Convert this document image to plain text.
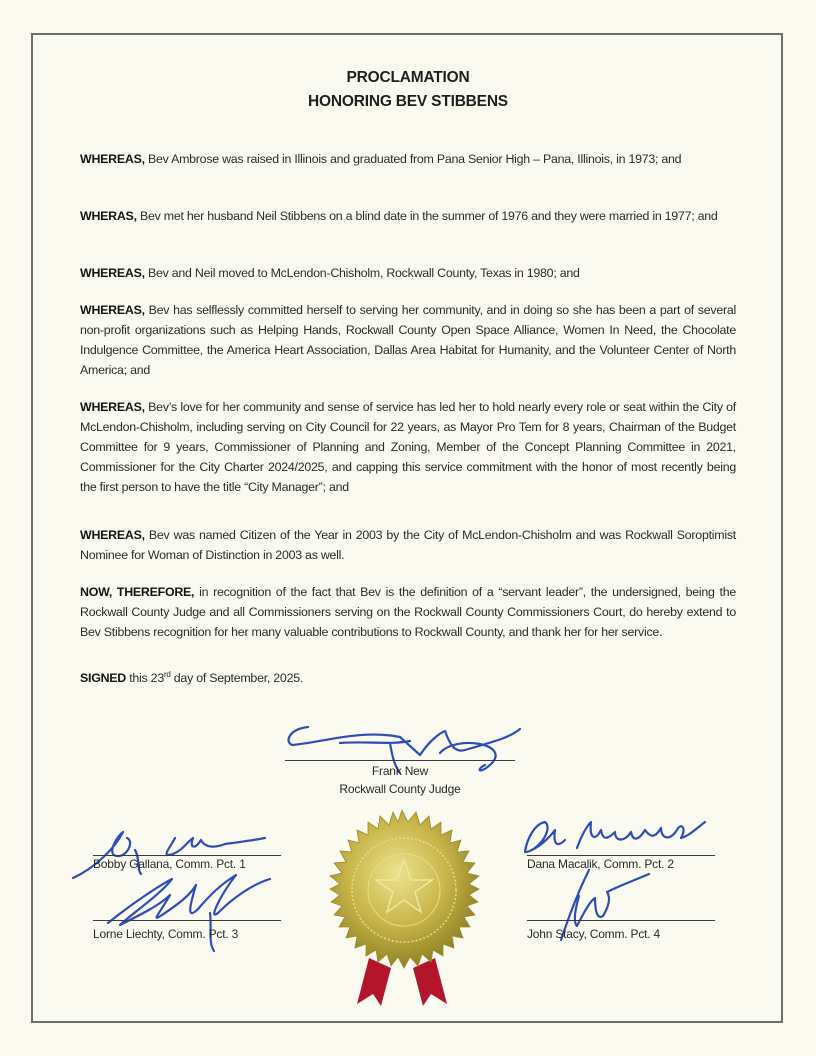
PROCLAMATION
HONORING BEV STIBBENS
WHEREAS, Bev Ambrose was raised in Illinois and graduated from Pana Senior High – Pana, Illinois, in 1973; and
WHERAS, Bev met her husband Neil Stibbens on a blind date in the summer of 1976 and they were married in 1977; and
WHEREAS, Bev and Neil moved to McLendon-Chisholm, Rockwall County, Texas in 1980; and
WHEREAS, Bev has selflessly committed herself to serving her community, and in doing so she has been a part of several non-profit organizations such as Helping Hands, Rockwall County Open Space Alliance, Women In Need, the Chocolate Indulgence Committee, the America Heart Association, Dallas Area Habitat for Humanity, and the Volunteer Center of North America; and
WHEREAS, Bev’s love for her community and sense of service has led her to hold nearly every role or seat within the City of McLendon-Chisholm, including serving on City Council for 22 years, as Mayor Pro Tem for 8 years, Chairman of the Budget Committee for 9 years, Commissioner of Planning and Zoning, Member of the Concept Planning Committee in 2021, Commissioner for the City Charter 2024/2025, and capping this service commitment with the honor of most recently being the first person to have the title “City Manager”; and
WHEREAS, Bev was named Citizen of the Year in 2003 by the City of McLendon-Chisholm and was Rockwall Soroptimist Nominee for Woman of Distinction in 2003 as well.
NOW, THEREFORE, in recognition of the fact that Bev is the definition of a “servant leader”, the undersigned, being the Rockwall County Judge and all Commissioners serving on the Rockwall County Commissioners Court, do hereby extend to Bev Stibbens recognition for her many valuable contributions to Rockwall County, and thank her for her service.
SIGNED this 23rd day of September, 2025.
Frank New
Rockwall County Judge
Bobby Gallana, Comm. Pct. 1
Lorne Liechty, Comm. Pct. 3
Dana Macalik, Comm. Pct. 2
John Stacy, Comm. Pct. 4
